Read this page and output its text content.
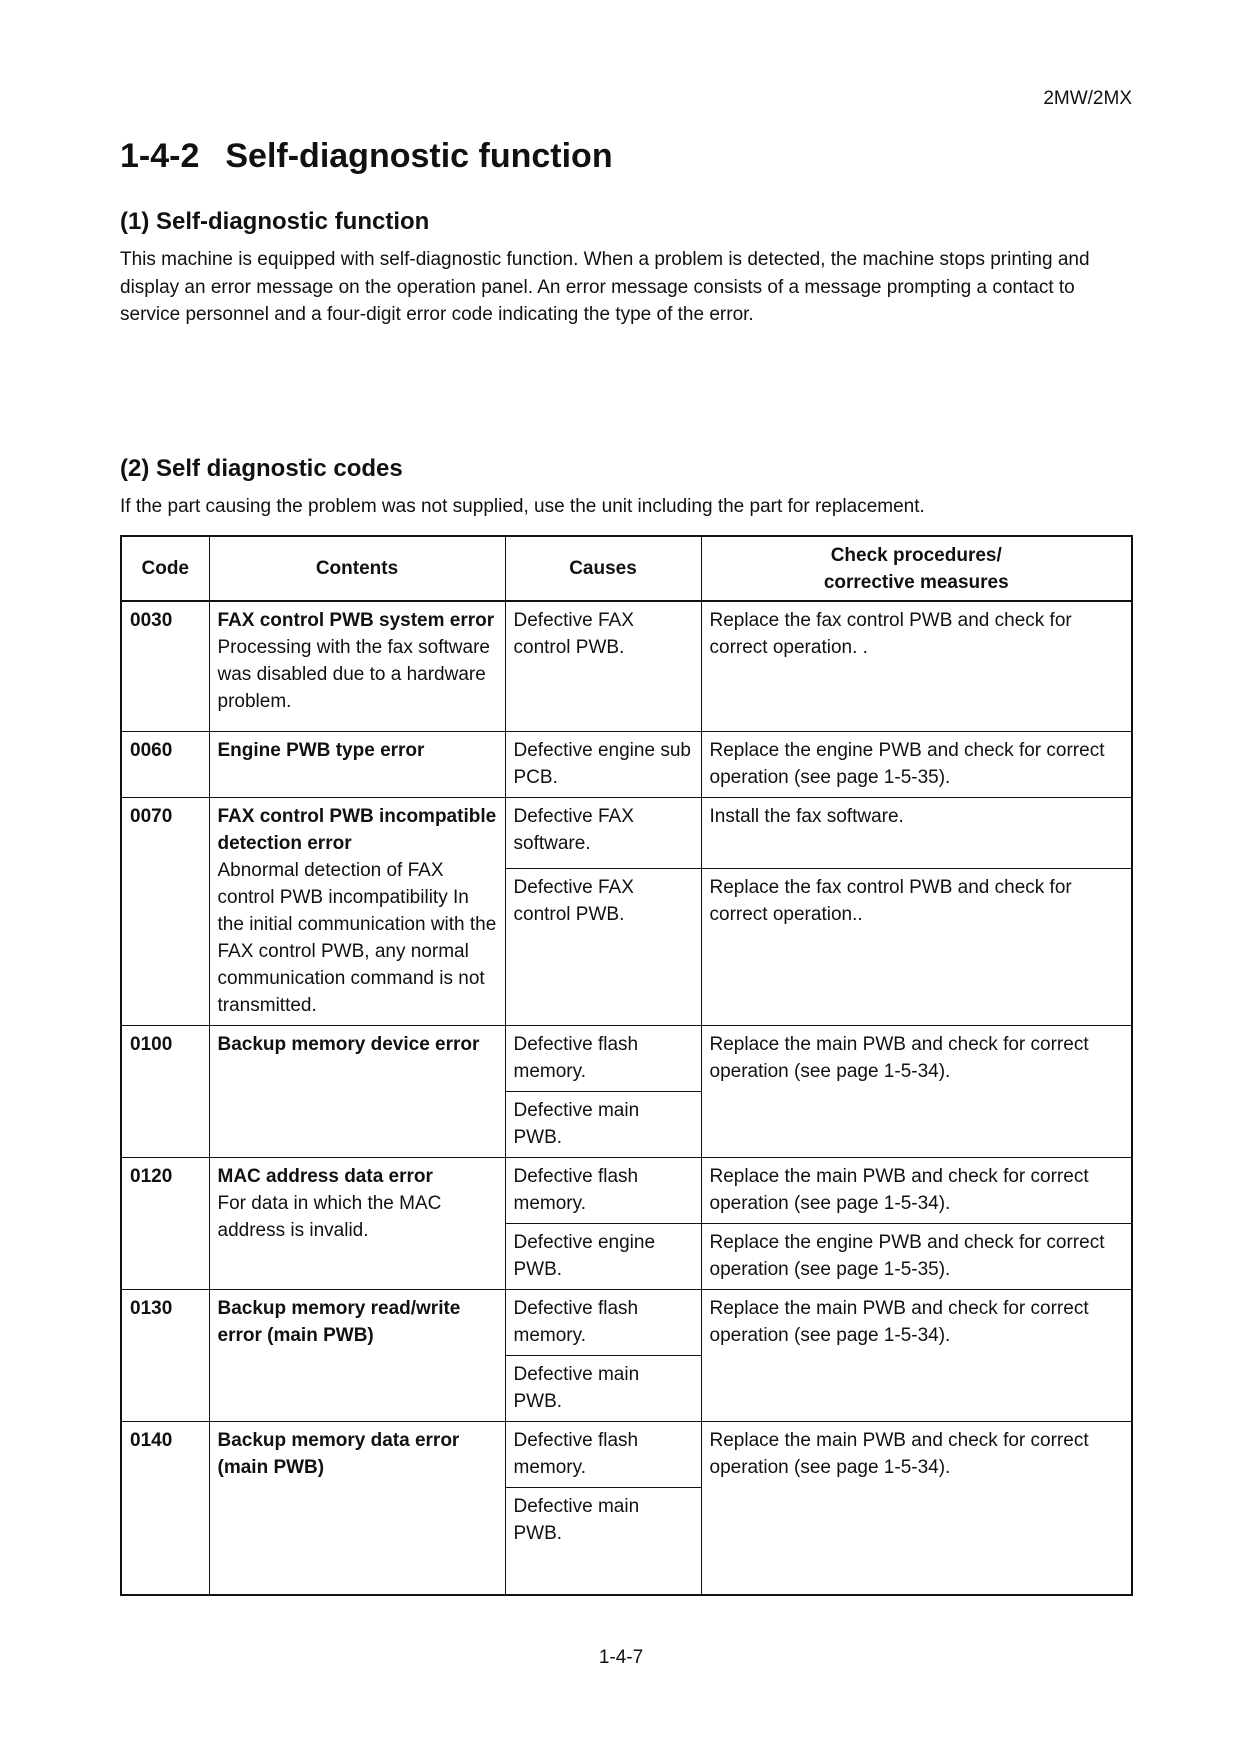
2MW/2MX
1-4-2 Self-diagnostic function
(1) Self-diagnostic function

This machine is equipped with self-diagnostic function. When a problem is detected, the machine stops printing and display an error message on the operation panel. An error message consists of a message prompting a contact to service personnel and a four-digit error code indicating the type of the error.

(2) Self diagnostic codes

If the part causing the problem was not supplied, use the unit including the part for replacement.

Code	Contents	Causes	Check procedures/
corrective measures

0030	FAX control PWB system error
Processing with the fax software was disabled due to a hardware problem.	Defective FAX control PWB.	Replace the fax control PWB and check for correct operation. .
0060	Engine PWB type error	Defective engine sub PCB.	Replace the engine PWB and check for correct operation (see page 1-5-35).
0070	FAX control PWB incompatible detection error
Abnormal detection of FAX control PWB incompatibility In the initial communication with the FAX control PWB, any normal communication command is not transmitted.	Defective FAX software.	Install the fax software.
		Defective FAX control PWB.	Replace the fax control PWB and check for correct operation..
0100	Backup memory device error	Defective flash memory.	Replace the main PWB and check for correct operation (see page 1-5-34).
		Defective main PWB.	
0120	MAC address data error
For data in which the MAC address is invalid.	Defective flash memory.	Replace the main PWB and check for correct operation (see page 1-5-34).
		Defective engine PWB.	Replace the engine PWB and check for correct operation (see page 1-5-35).
0130	Backup memory read/write error (main PWB)	Defective flash memory.	Replace the main PWB and check for correct operation (see page 1-5-34).
		Defective main PWB.	
0140	Backup memory data error (main PWB)	Defective flash memory.	Replace the main PWB and check for correct operation (see page 1-5-34).
		Defective main PWB.	
1-4-7
